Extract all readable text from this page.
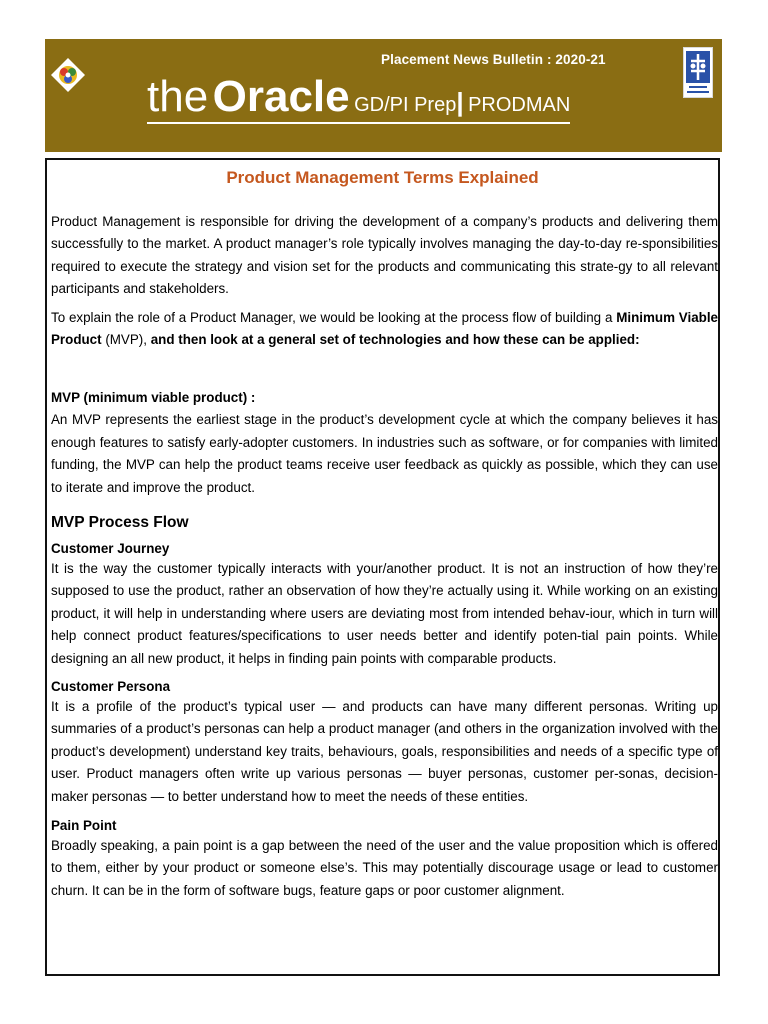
Placement News Bulletin : 2020-21
the Oracle GD/PI Prep| PRODMAN
Product Management Terms Explained

Product Management is responsible for driving the development of a company’s products and delivering them successfully to the market. A product manager’s role typically involves managing the day-to-day re-sponsibilities required to execute the strategy and vision set for the products and communicating this strate-gy to all relevant participants and stakeholders.

To explain the role of a Product Manager, we would be looking at the process flow of building a Minimum Viable Product (MVP), and then look at a general set of technologies and how these can be applied:

MVP (minimum viable product) :
An MVP represents the earliest stage in the product’s development cycle at which the company believes it has enough features to satisfy early-adopter customers. In industries such as software, or for companies with limited funding, the MVP can help the product teams receive user feedback as quickly as possible, which they can use to iterate and improve the product.

MVP Process Flow
Customer Journey

It is the way the customer typically interacts with your/another product. It is not an instruction of how they’re supposed to use the product, rather an observation of how they’re actually using it. While working on an existing product, it will help in understanding where users are deviating most from intended behav-iour, which in turn will help connect product features/specifications to user needs better and identify poten-tial pain points. While designing an all new product, it helps in finding pain points with comparable products.

Customer Persona

It is a profile of the product’s typical user — and products can have many different personas. Writing up summaries of a product’s personas can help a product manager (and others in the organization involved with the product’s development) understand key traits, behaviours, goals, responsibilities and needs of a specific type of user. Product managers often write up various personas — buyer personas, customer per-sonas, decision-maker personas — to better understand how to meet the needs of these entities.

Pain Point

Broadly speaking, a pain point is a gap between the need of the user and the value proposition which is offered to them, either by your product or someone else’s. This may potentially discourage usage or lead to customer churn. It can be in the form of software bugs, feature gaps or poor customer alignment.
